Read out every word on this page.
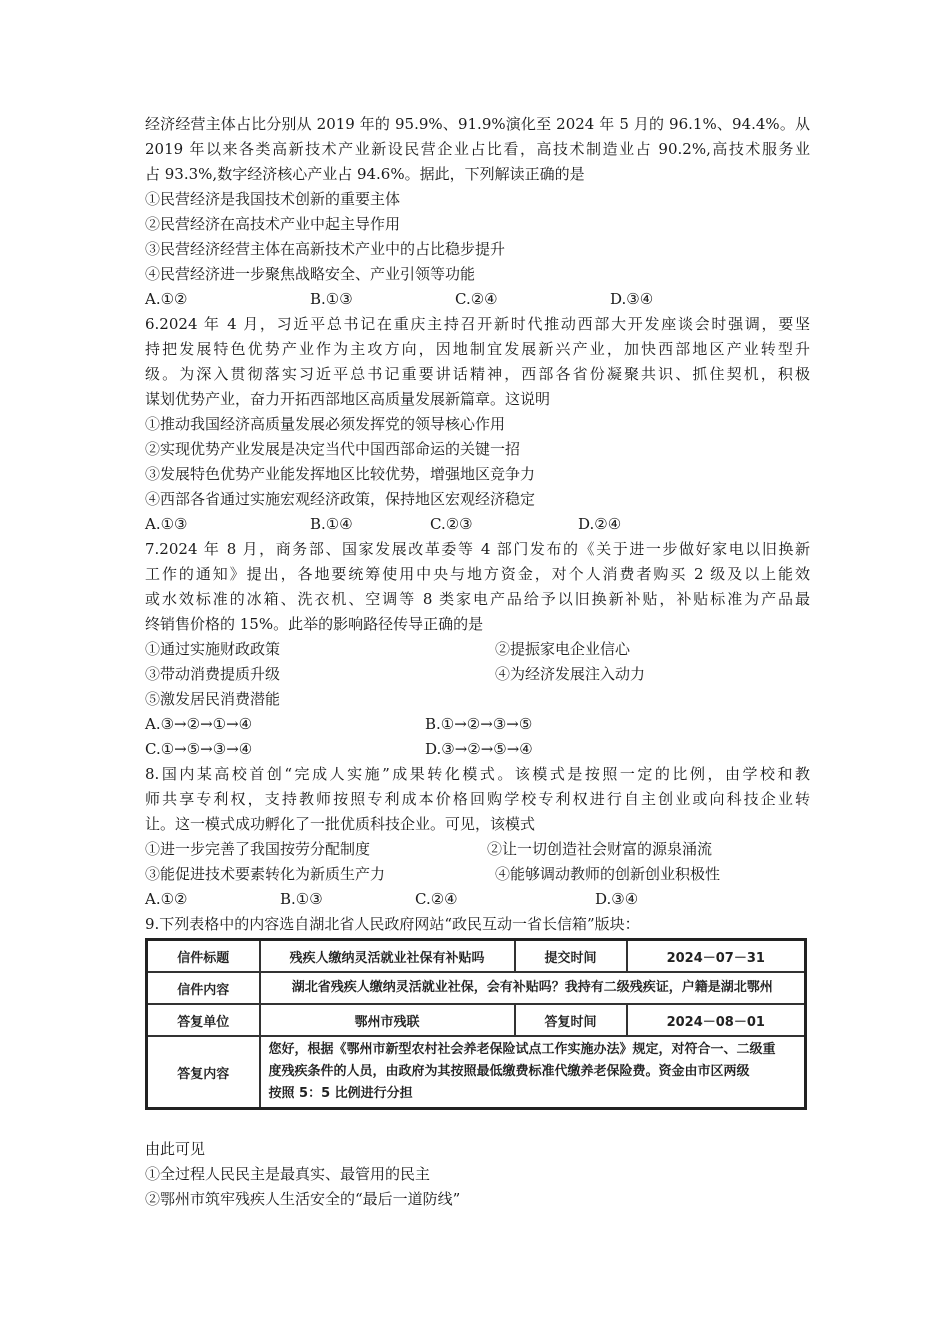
经济经营主体占比分别从 2019 年的 95.9%、91.9%演化至 2024 年 5 月的 96.1%、94.4%。从
2019 年以来各类高新技术产业新设民营企业占比看，高技术制造业占 90.2%,高技术服务业
占 93.3%,数字经济核心产业占 94.6%。据此，下列解读正确的是
①民营经济是我国技术创新的重要主体
②民营经济在高技术产业中起主导作用
③民营经济经营主体在高新技术产业中的占比稳步提升
④民营经济进一步聚焦战略安全、产业引领等功能
A.①②	B.①③	C.②④	D.③④
6.2024 年 4 月，习近平总书记在重庆主持召开新时代推动西部大开发座谈会时强调，要坚
持把发展特色优势产业作为主攻方向，因地制宜发展新兴产业，加快西部地区产业转型升
级。为深入贯彻落实习近平总书记重要讲话精神，西部各省份凝聚共识、抓住契机，积极
谋划优势产业，奋力开拓西部地区高质量发展新篇章。这说明
①推动我国经济高质量发展必须发挥党的领导核心作用
②实现优势产业发展是决定当代中国西部命运的关键一招
③发展特色优势产业能发挥地区比较优势，增强地区竞争力
④西部各省通过实施宏观经济政策，保持地区宏观经济稳定
A.①③	B.①④	C.②③	D.②④
7.2024 年 8 月，商务部、国家发展改革委等 4 部门发布的《关于进一步做好家电以旧换新
工作的通知》提出，各地要统筹使用中央与地方资金，对个人消费者购买 2 级及以上能效
或水效标准的冰箱、洗衣机、空调等 8 类家电产品给予以旧换新补贴，补贴标准为产品最
终销售价格的 15%。此举的影响路径传导正确的是
①通过实施财政政策	②提振家电企业信心
③带动消费提质升级	④为经济发展注入动力
⑤激发居民消费潜能
A.③→②→①→④	B.①→②→③→⑤
C.①→⑤→③→④	D.③→②→⑤→④
8.国内某高校首创“完成人实施”成果转化模式。该模式是按照一定的比例，由学校和教
师共享专利权，支持教师按照专利成本价格回购学校专利权进行自主创业或向科技企业转
让。这一模式成功孵化了一批优质科技企业。可见，该模式
①进一步完善了我国按劳分配制度	②让一切创造社会财富的源泉涌流
③能促进技术要素转化为新质生产力	④能够调动教师的创新创业积极性
A.①②	B.①③	C.②④	D.③④
9.下列表格中的内容选自湖北省人民政府网站“政民互动一省长信箱”版块：
信件标题	残疾人缴纳灵活就业社保有补贴吗	提交时间	2024－07－31
信件内容	湖北省残疾人缴纳灵活就业社保，会有补贴吗？我持有二级残疾证，户籍是湖北鄂州		
答复单位	鄂州市残联	答复时间	2024－08－01
答复内容	您好，根据《鄂州市新型农村社会养老保险试点工作实施办法》规定，对符合一、二级重
度残疾条件的人员，由政府为其按照最低缴费标准代缴养老保险费。资金由市区两级
按照 5：5 比例进行分担		
由此可见
①全过程人民民主是最真实、最管用的民主
②鄂州市筑牢残疾人生活安全的“最后一道防线”
